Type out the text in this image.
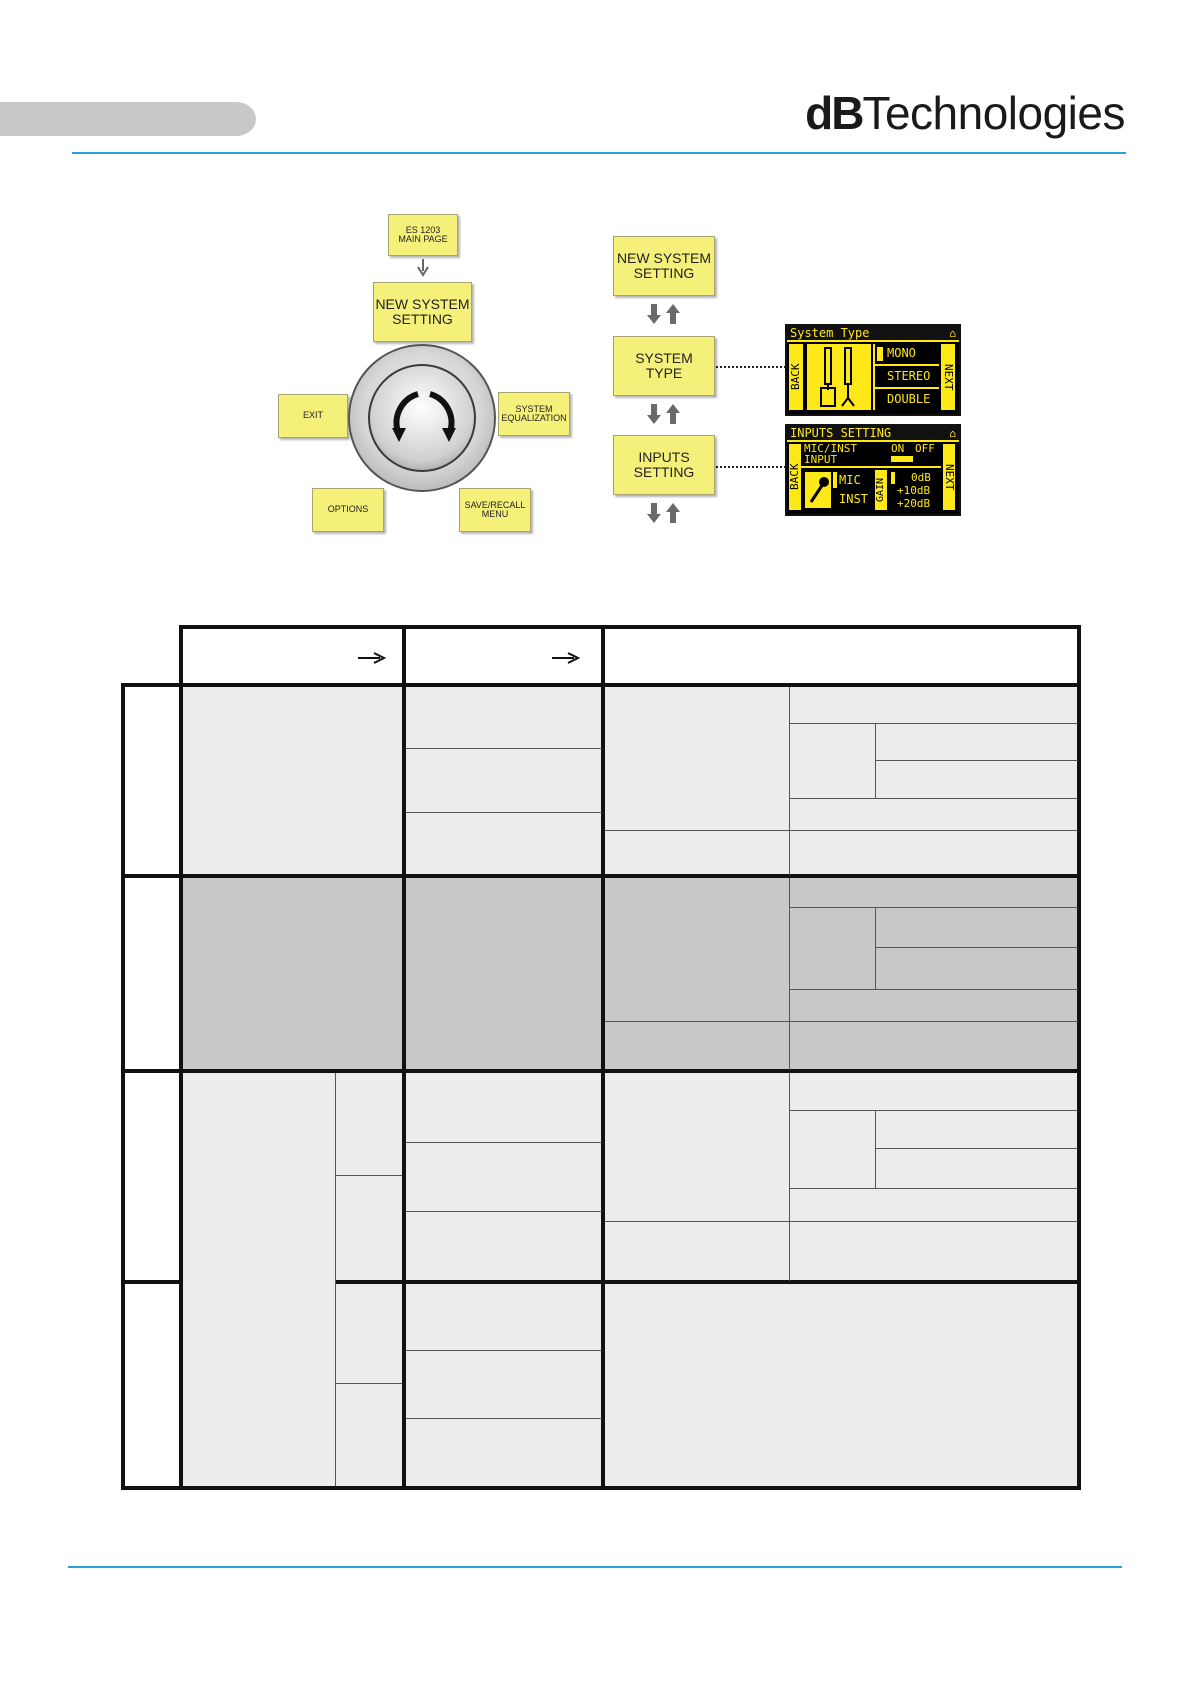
dBTechnologies
ES 1203
MAIN PAGE
NEW SYSTEM
SETTING
EXIT
SYSTEM
EQUALIZATION
OPTIONS	SAVE/RECALL
MENU
NEW SYSTEM
SETTING
SYSTEM
TYPE
INPUTS
SETTING
System Type	⌂
BACK
MONO
STEREO
DOUBLE
NEXT
INPUTS SETTING	⌂
BACK
MIC/INST
INPUT
ON OFF
MIC
INST GAIN
0dB
+10dB
+20dB
NEXT
